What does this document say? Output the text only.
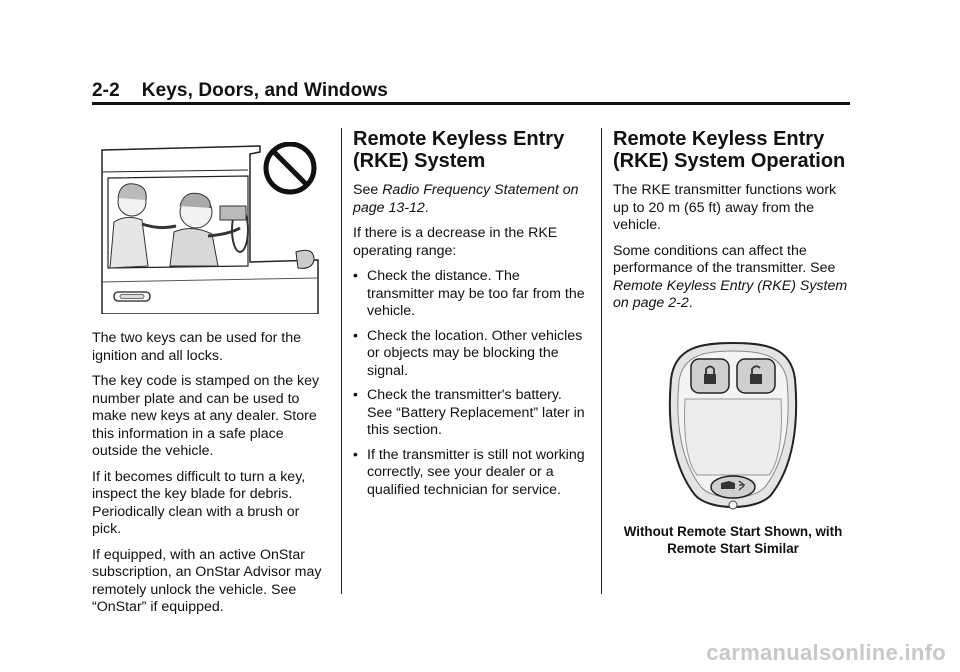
2-2 Keys, Doors, and Windows

The two keys can be used for the ignition and all locks.

The key code is stamped on the key number plate and can be used to make new keys at any dealer. Store this information in a safe place outside the vehicle.

If it becomes difficult to turn a key, inspect the key blade for debris. Periodically clean with a brush or pick.

If equipped, with an active OnStar subscription, an OnStar Advisor may remotely unlock the vehicle. See “OnStar” if equipped.

Remote Keyless Entry (RKE) System

See Radio Frequency Statement on page 13-12.

If there is a decrease in the RKE operating range:

• Check the distance. The transmitter may be too far from the vehicle.
• Check the location. Other vehicles or objects may be blocking the signal.
• Check the transmitter's battery. See “Battery Replacement” later in this section.
• If the transmitter is still not working correctly, see your dealer or a qualified technician for service.
Remote Keyless Entry (RKE) System Operation

The RKE transmitter functions work up to 20 m (65 ft) away from the vehicle.

Some conditions can affect the performance of the transmitter. See Remote Keyless Entry (RKE) System on page 2-2.

Without Remote Start Shown, with Remote Start Similar
carmanualsonline.info
